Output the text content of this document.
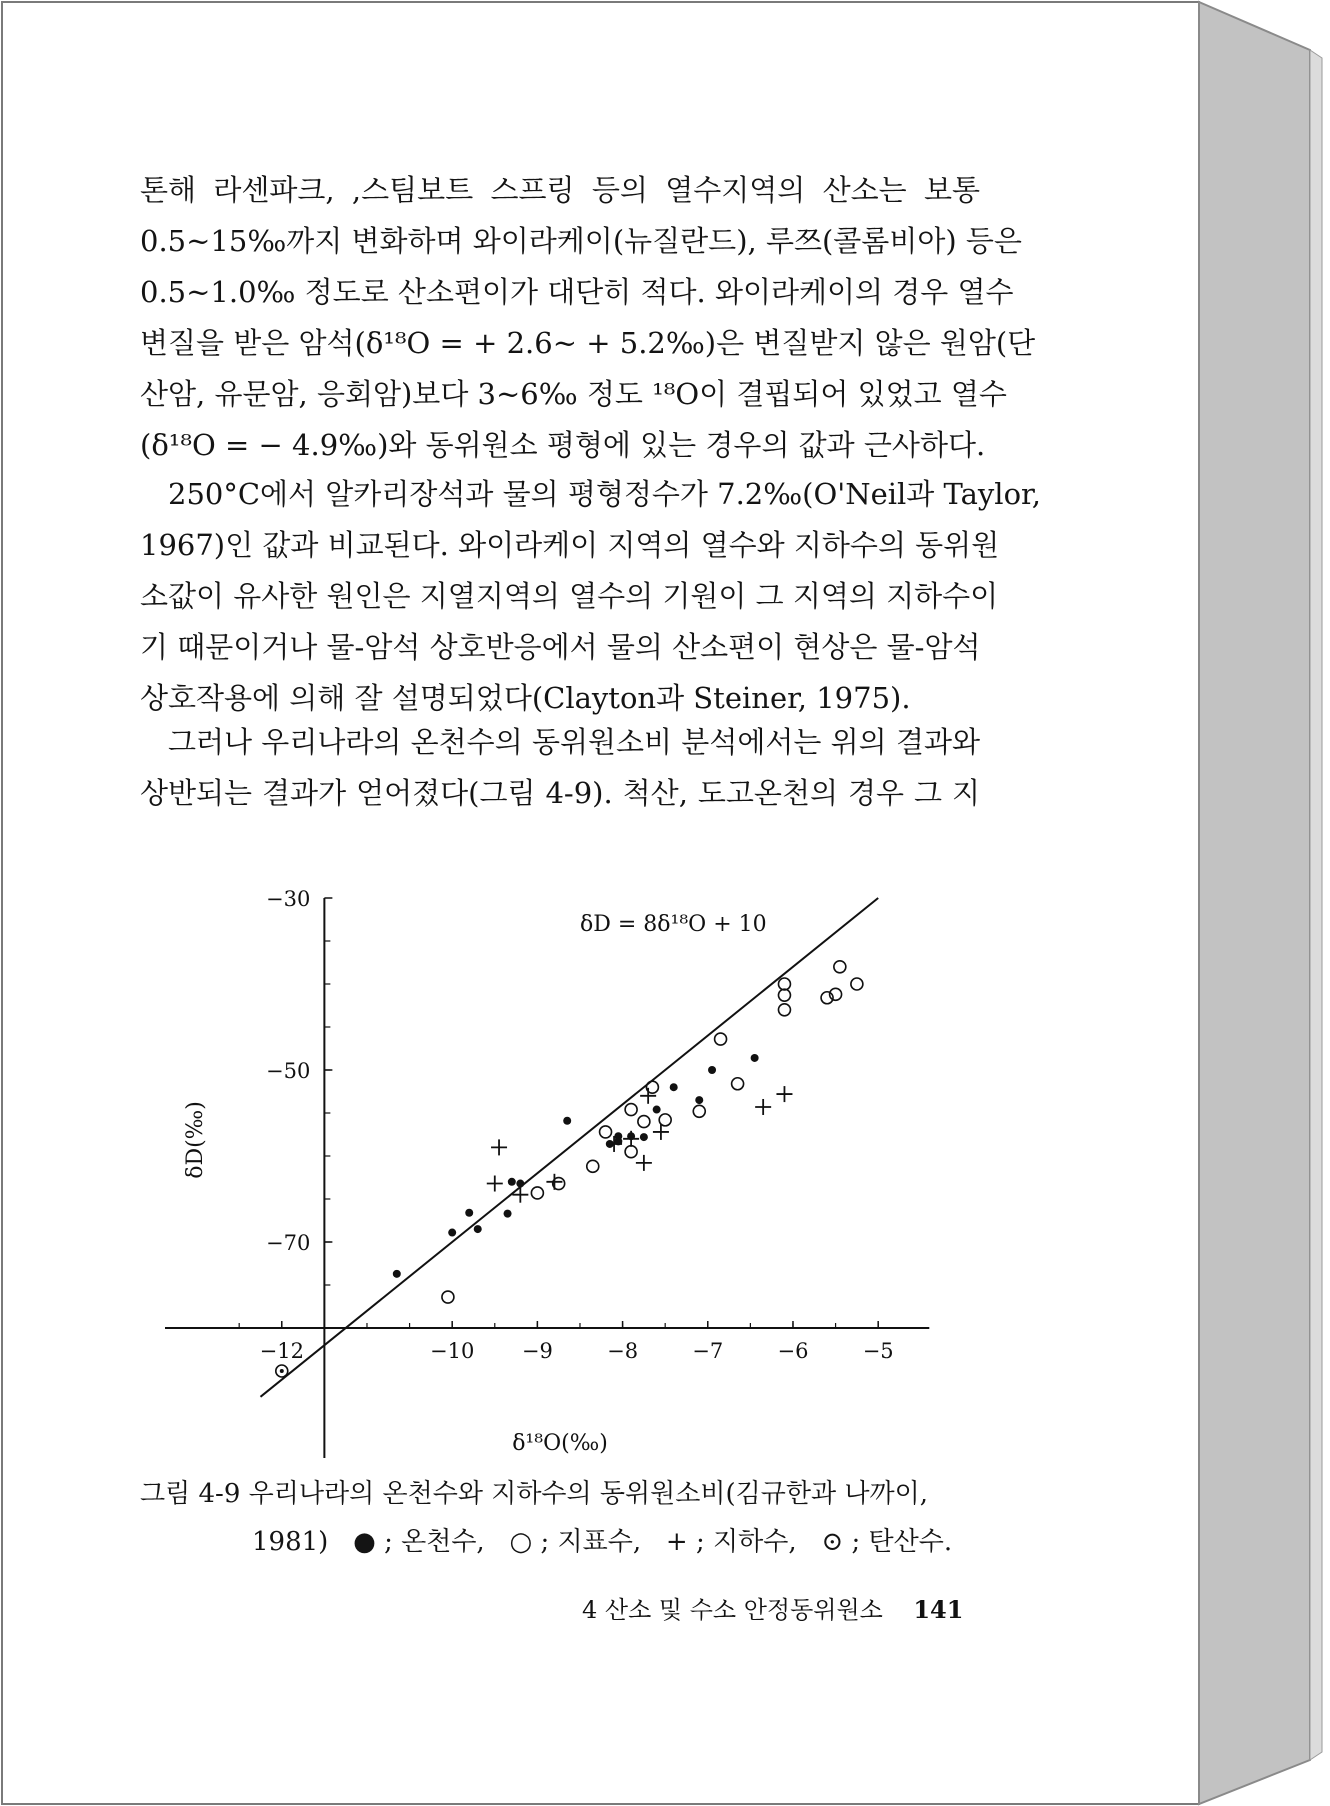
톤해 라센파크, ,스팀보트 스프링 등의 열수지역의 산소는 보통
0.5~15‰까지 변화하며 와이라케이(뉴질란드), 루쯔(콜롬비아) 등은
0.5~1.0‰ 정도로 산소편이가 대단히 적다. 와이라케이의 경우 열수
변질을 받은 암석(δ¹⁸O = + 2.6~ + 5.2‰)은 변질받지 않은 원암(단
산암, 유문암, 응회암)보다 3~6‰ 정도 ¹⁸O이 결핍되어 있었고 열수
(δ¹⁸O = − 4.9‰)와 동위원소 평형에 있는 경우의 값과 근사하다.
250°C에서 알카리장석과 물의 평형정수가 7.2‰(O'Neil과 Taylor,
1967)인 값과 비교된다. 와이라케이 지역의 열수와 지하수의 동위원
소값이 유사한 원인은 지열지역의 열수의 기원이 그 지역의 지하수이
기 때문이거나 물-암석 상호반응에서 물의 산소편이 현상은 물-암석
상호작용에 의해 잘 설명되었다(Clayton과 Steiner, 1975).
그러나 우리나라의 온천수의 동위원소비 분석에서는 위의 결과와
상반되는 결과가 얻어졌다(그림 4-9). 척산, 도고온천의 경우 그 지
−12	−10 −9	−8	−7	−6	−5
−30
−50
−70
δD = 8δ¹⁸O + 10
δ¹⁸O(‰)
δD(‰)
그림 4-9 우리나라의 온천수와 지하수의 동위원소비(김규한과 나까이,
1981) ● ; 온천수, ○ ; 지표수, + ; 지하수, ⊙ ; 탄산수.
4 산소 및 수소 안정동위원소 141
